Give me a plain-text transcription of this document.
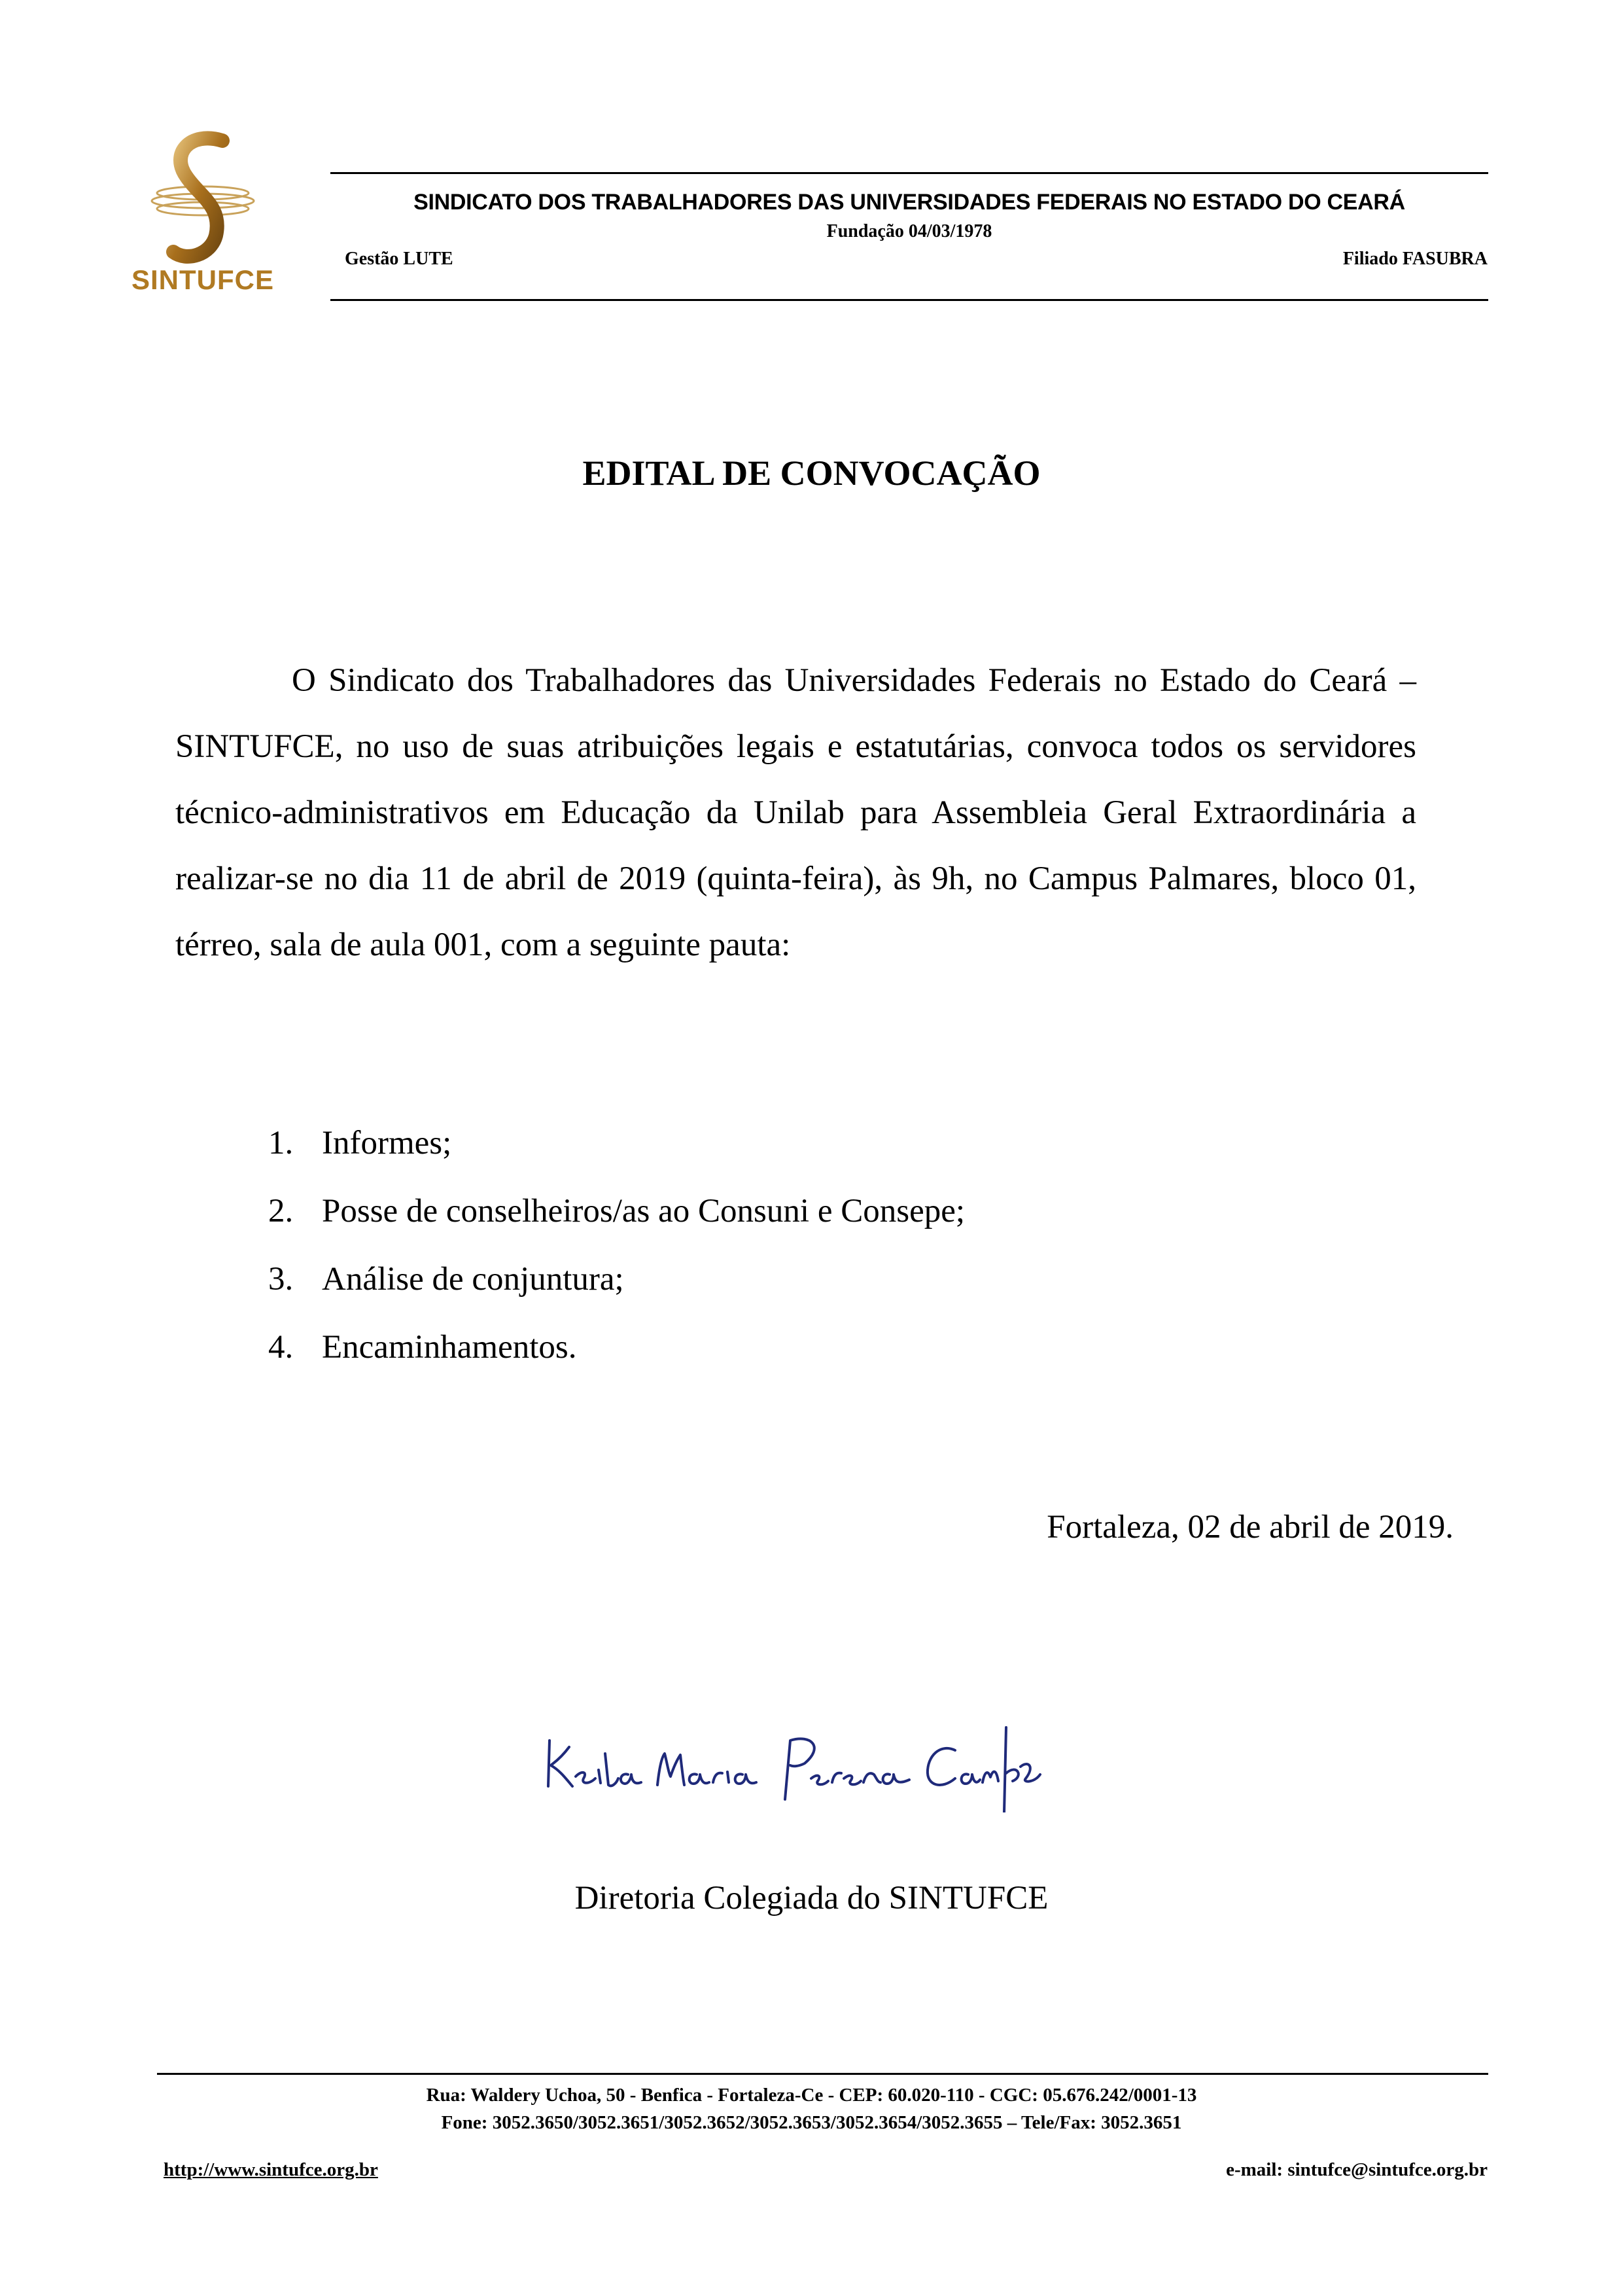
SINTUFCE
SINDICATO DOS TRABALHADORES DAS UNIVERSIDADES FEDERAIS NO ESTADO DO CEARÁ
Fundação 04/03/1978
Gestão LUTE	Filiado FASUBRA
EDITAL DE CONVOCAÇÃO

O Sindicato dos Trabalhadores das Universidades Federais no Estado do Ceará – SINTUFCE, no uso de suas atribuições legais e estatutárias, convoca todos os servidores técnico-administrativos em Educação da Unilab para Assembleia Geral Extraordinária a realizar-se no dia 11 de abril de 2019 (quinta-feira), às 9h, no Campus Palmares, bloco 01, térreo, sala de aula 001, com a seguinte pauta:

1. Informes;
2. Posse de conselheiros/as ao Consuni e Consepe;
3. Análise de conjuntura;
4. Encaminhamentos.
Fortaleza, 02 de abril de 2019.
Diretoria Colegiada do SINTUFCE
Rua: Waldery Uchoa, 50 - Benfica - Fortaleza-Ce - CEP: 60.020-110 - CGC: 05.676.242/0001-13
Fone: 3052.3650/3052.3651/3052.3652/3052.3653/3052.3654/3052.3655 – Tele/Fax: 3052.3651
http://www.sintufce.org.br	e-mail: sintufce@sintufce.org.br
